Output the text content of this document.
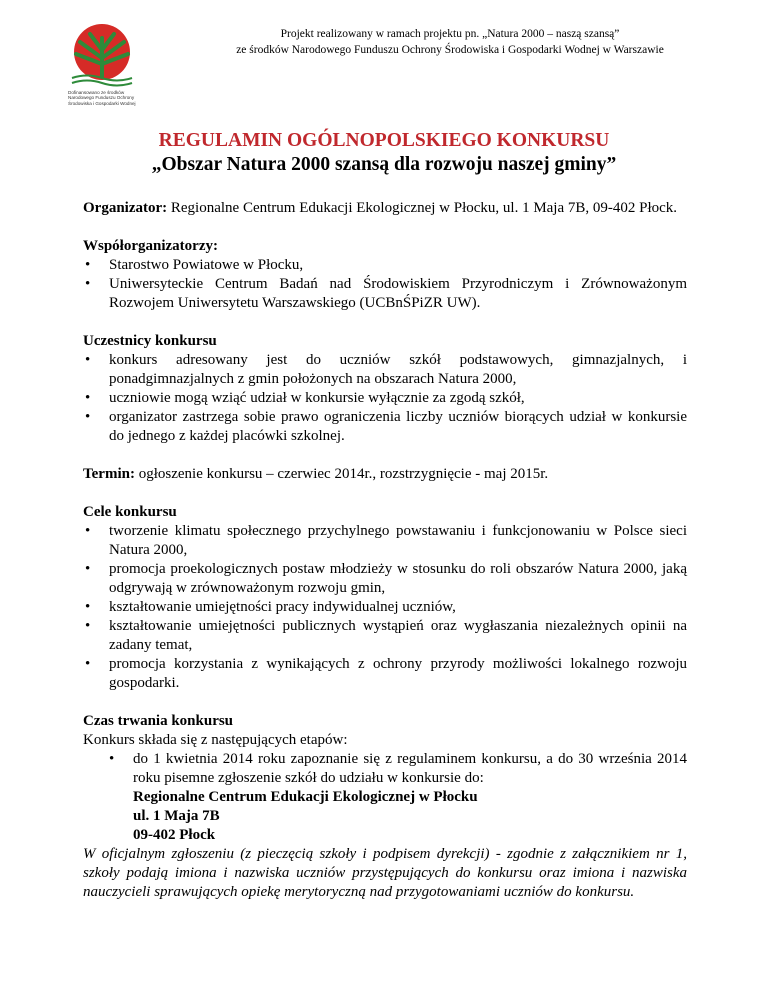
Dofinansowano ze środków
Narodowego Funduszu Ochrony
Środowiska i Gospodarki Wodnej
Projekt realizowany w ramach projektu pn. „Natura 2000 – naszą szansą”
ze środków Narodowego Funduszu Ochrony Środowiska i Gospodarki Wodnej w Warszawie
REGULAMIN OGÓLNOPOLSKIEGO KONKURSU
„Obszar Natura 2000 szansą dla rozwoju naszej gminy”

Organizator: Regionalne Centrum Edukacji Ekologicznej w Płocku, ul. 1 Maja 7B, 09-402 Płock.

Współorganizatorzy:

• Starostwo Powiatowe w Płocku,
• Uniwersyteckie Centrum Badań nad Środowiskiem Przyrodniczym i Zrównoważonym Rozwojem Uniwersytetu Warszawskiego (UCBnŚPiZR UW).

Uczestnicy konkursu

• konkurs adresowany jest do uczniów szkół podstawowych, gimnazjalnych, i ponadgimnazjalnych z gmin położonych na obszarach Natura 2000,
• uczniowie mogą wziąć udział w konkursie wyłącznie za zgodą szkół,
• organizator zastrzega sobie prawo ograniczenia liczby uczniów biorących udział w konkursie do jednego z każdej placówki szkolnej.

Termin: ogłoszenie konkursu – czerwiec 2014r., rozstrzygnięcie - maj 2015r.

Cele konkursu

• tworzenie klimatu społecznego przychylnego powstawaniu i funkcjonowaniu w Polsce sieci Natura 2000,
• promocja proekologicznych postaw młodzieży w stosunku do roli obszarów Natura 2000, jaką odgrywają w zrównoważonym rozwoju gmin,
• kształtowanie umiejętności pracy indywidualnej uczniów,
• kształtowanie umiejętności publicznych wystąpień oraz wygłaszania niezależnych opinii na zadany temat,
• promocja korzystania z wynikających z ochrony przyrody możliwości lokalnego rozwoju gospodarki.

Czas trwania konkursu

Konkurs składa się z następujących etapów:

• do 1 kwietnia 2014 roku zapoznanie się z regulaminem konkursu, a do 30 września 2014 roku pisemne zgłoszenie szkół do udziału w konkursie do:
Regionalne Centrum Edukacji Ekologicznej w Płocku
ul. 1 Maja 7B
09-402 Płock

W oficjalnym zgłoszeniu (z pieczęcią szkoły i podpisem dyrekcji) - zgodnie z załącznikiem nr 1, szkoły podają imiona i nazwiska uczniów przystępujących do konkursu oraz imiona i nazwiska nauczycieli sprawujących opiekę merytoryczną nad przygotowaniami uczniów do konkursu.
